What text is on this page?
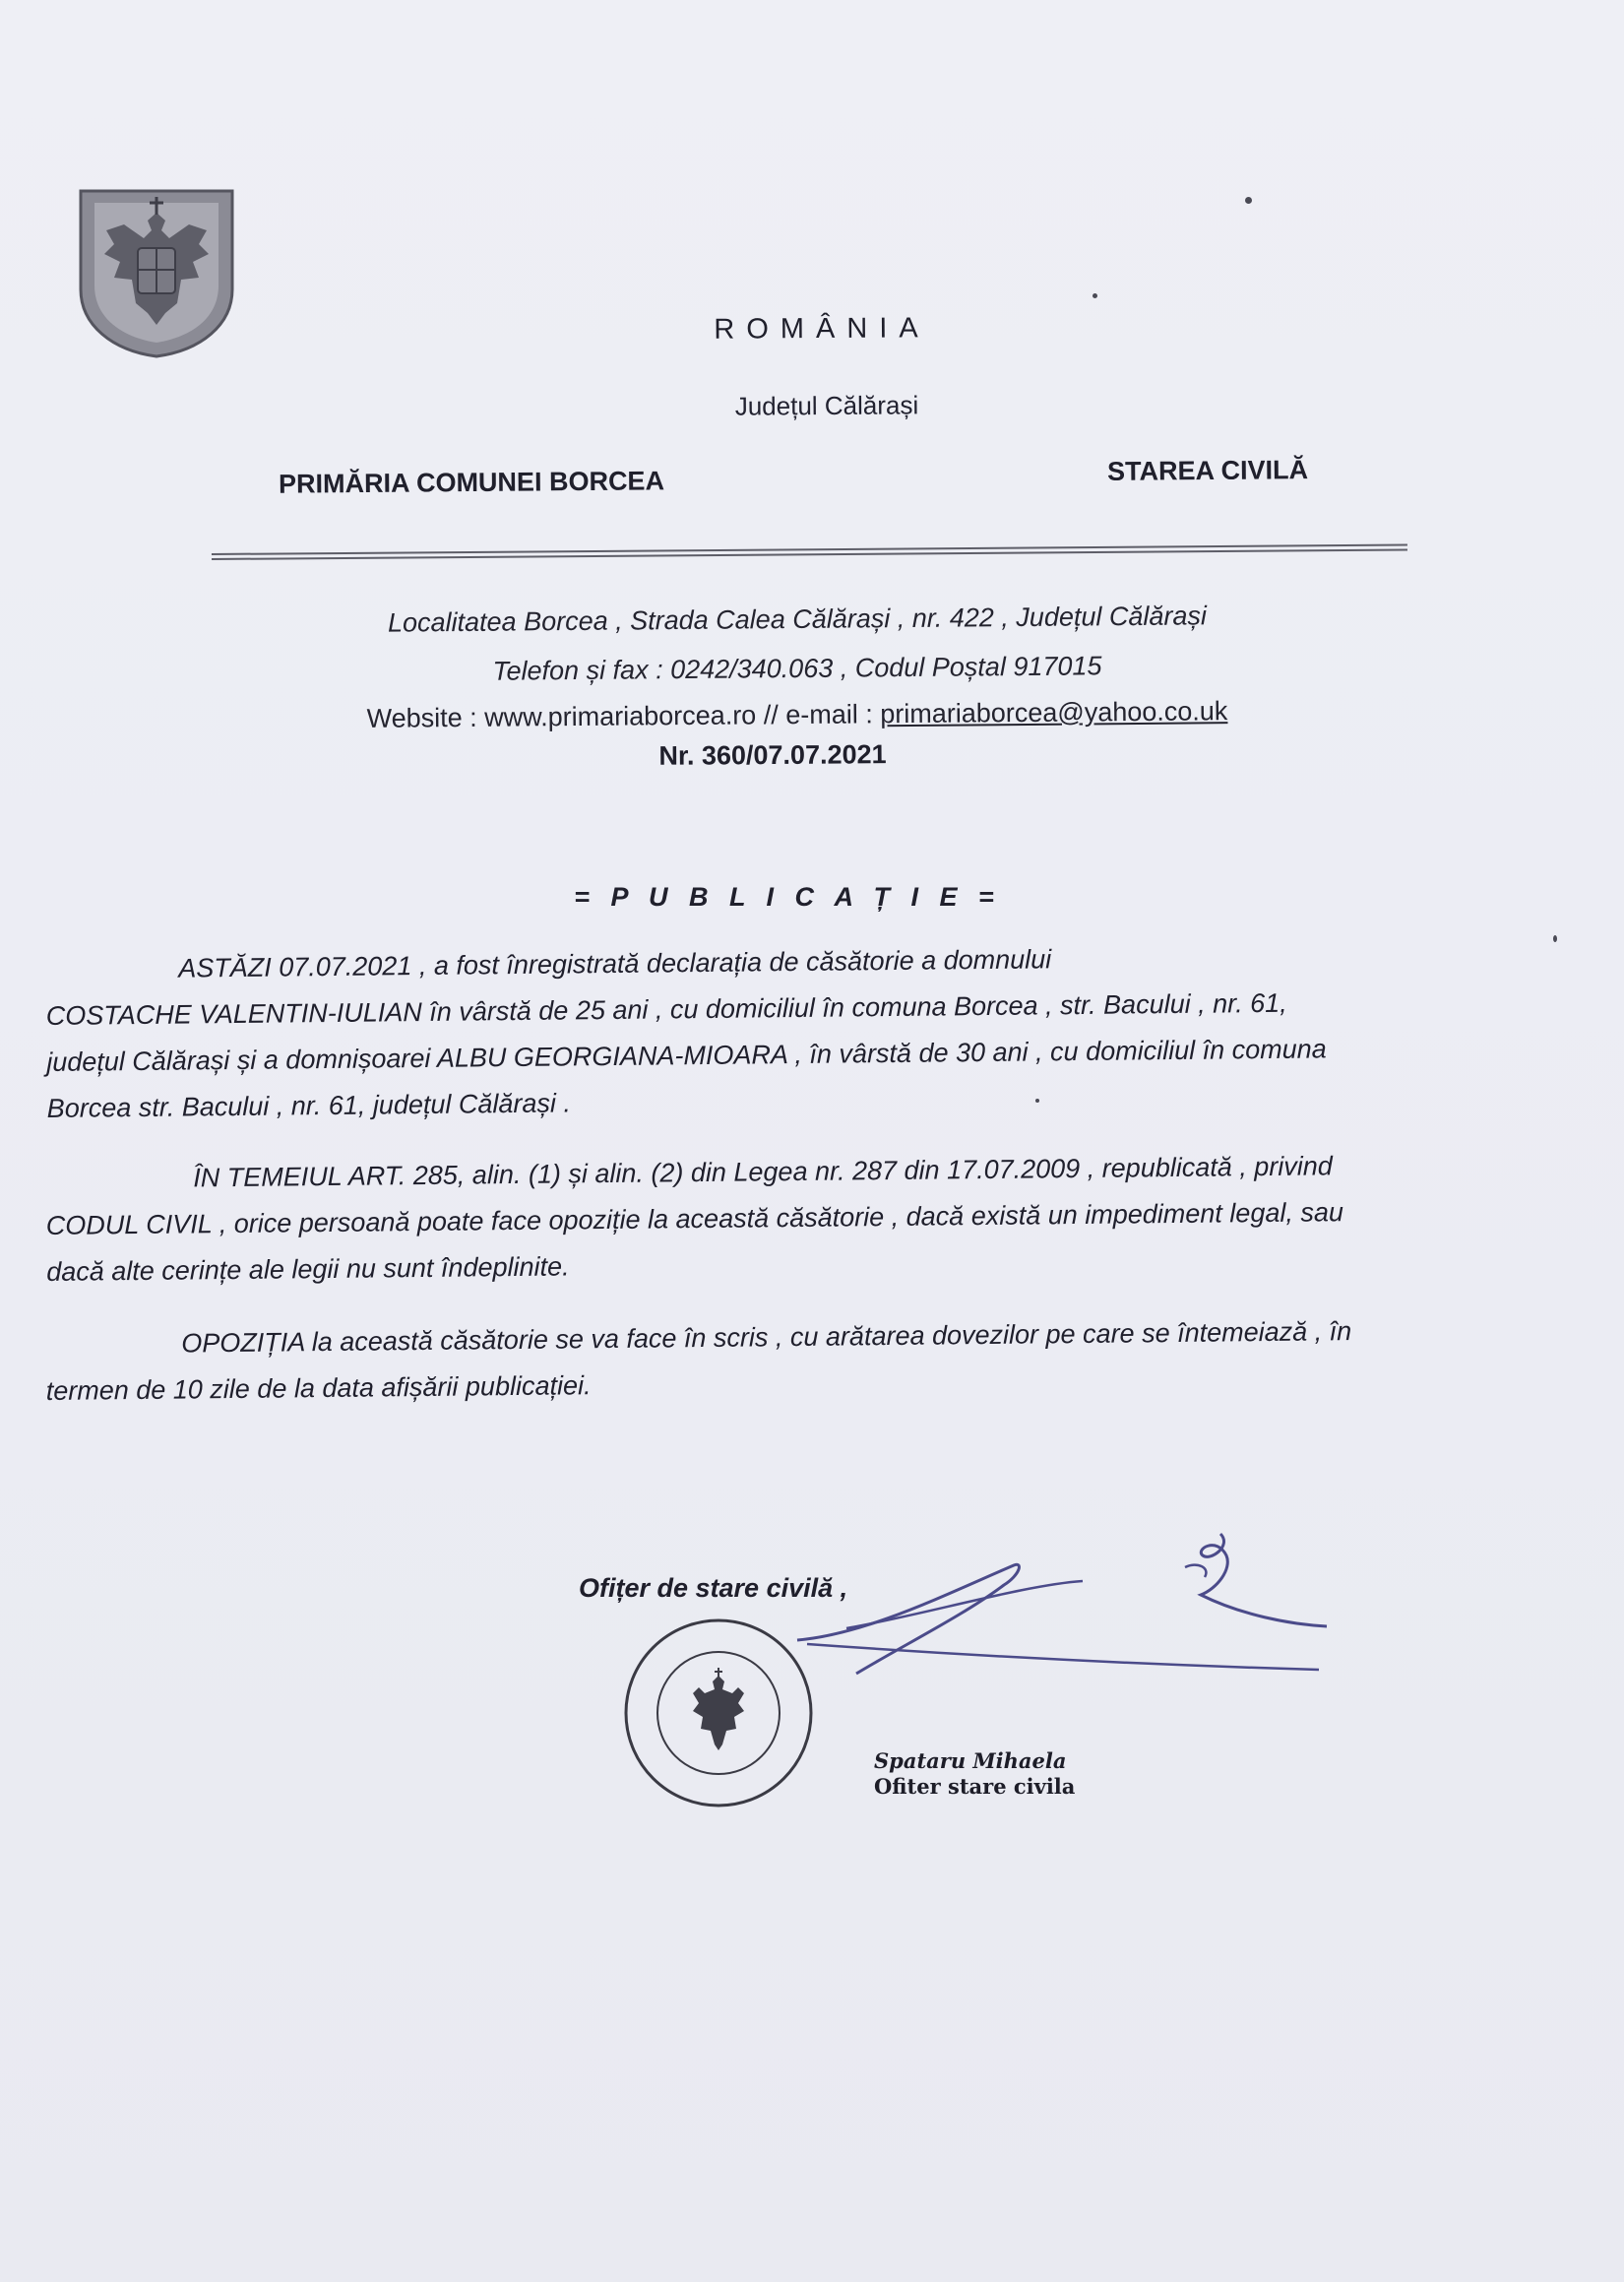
ROMÂNIA
Județul Călărași
PRIMĂRIA COMUNEI BORCEA	STAREA CIVILĂ
Localitatea Borcea , Strada Calea Călărași , nr. 422 , Județul Călărași
Telefon și fax : 0242/340.063 , Codul Poștal 917015
Website : www.primariaborcea.ro // e-mail : primariaborcea@yahoo.co.uk
Nr. 360/07.07.2021
= P U B L I C A Ț I E =

ASTĂZI 07.07.2021 , a fost înregistrată declarația de căsătorie a domnului

COSTACHE VALENTIN-IULIAN în vârstă de 25 ani , cu domiciliul în comuna Borcea , str. Bacului , nr. 61,

județul Călărași și a domnișoarei ALBU GEORGIANA-MIOARA , în vârstă de 30 ani , cu domiciliul în comuna

Borcea str. Bacului , nr. 61, județul Călărași .

ÎN TEMEIUL ART. 285, alin. (1) și alin. (2) din Legea nr. 287 din 17.07.2009 , republicată , privind

CODUL CIVIL , orice persoană poate face opoziție la această căsătorie , dacă există un impediment legal, sau

dacă alte cerințe ale legii nu sunt îndeplinite.

OPOZIȚIA la această căsătorie se va face în scris , cu arătarea dovezilor pe care se întemeiază , în

termen de 10 zile de la data afișării publicației.

Ofițer de stare civilă ,
Spataru Mihaela
Ofiter stare civila
